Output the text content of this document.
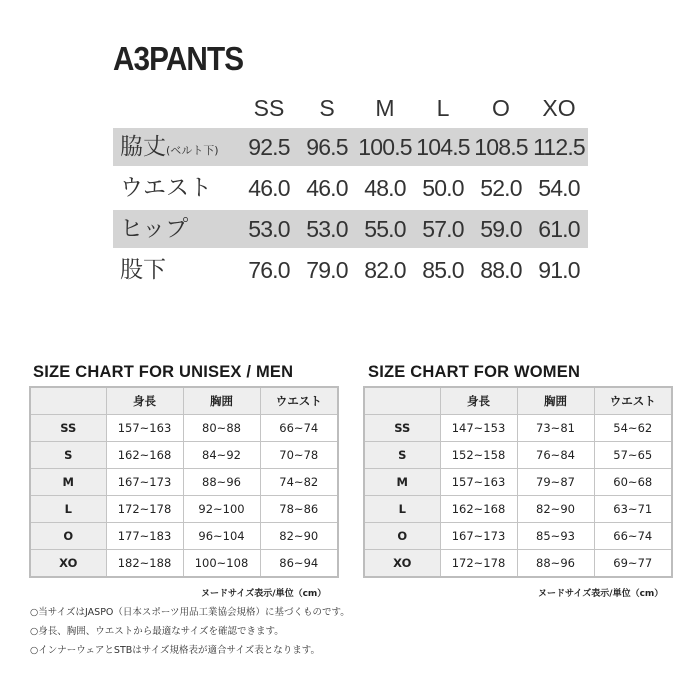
A3PANTS
SS	S	M	L	O	XO
脇丈(ベルト下)	92.5 96.5 100.5 104.5 108.5 112.5
ウエスト	46.0 46.0 48.0 50.0 52.0 54.0
ヒップ	53.0 53.0 55.0 57.0 59.0 61.0
股下	76.0 79.0 82.0 85.0 88.0 91.0
SIZE CHART FOR UNISEX / MEN
	身長	胸囲	ウエスト
SS	157~163	80~88	66~74
S	162~168	84~92	70~78
M	167~173	88~96	74~82
L	172~178	92~100	78~86
O	177~183	96~104	82~90
XO	182~188	100~108	86~94
ヌードサイズ表示/単位（cm）
SIZE CHART FOR WOMEN
	身長	胸囲	ウエスト
SS	147~153	73~81	54~62
S	152~158	76~84	57~65
M	157~163	79~87	60~68
L	162~168	82~90	63~71
O	167~173	85~93	66~74
XO	172~178	88~96	69~77
ヌードサイズ表示/単位（cm）
○当サイズはJASPO（日本スポーツ用品工業協会規格）に基づくものです。
○身長、胸囲、ウエストから最適なサイズを確認できます。
○インナーウェアとSTBはサイズ規格表が適合サイズ表となります。
